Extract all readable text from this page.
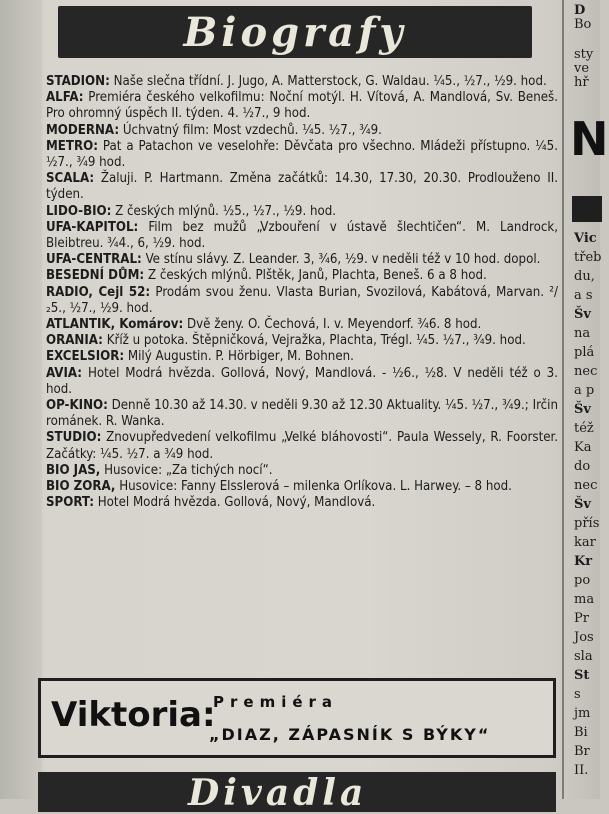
Biografy

STADION: Naše slečna třídní. J. Jugo, A. Matterstock, G. Waldau. ¼5., ½7., ½9. hod.

ALFA: Premiéra českého velkofilmu: Noční motýl. H. Vítová, A. Mandlová, Sv. Beneš. Pro ohromný úspěch II. týden. 4. ½7., 9 hod.

MODERNA: Úchvatný film: Most vzdechů. ¼5. ½7., ¾9.

METRO: Pat a Patachon ve veselohře: Děvčata pro všechno. Mládeži přístupno. ¼5. ½7., ¾9 hod.

SCALA: Žaluji. P. Hartmann. Změna začátků: 14.30, 17.30, 20.30. Prodlouženo II. týden.

LIDO-BIO: Z českých mlýnů. ½5., ½7., ½9. hod.

UFA-KAPITOL: Film bez mužů „Vzbouření v ústavě šlechtičen“. M. Landrock, Bleibtreu. ¾4., 6, ½9. hod.

UFA-CENTRAL: Ve stínu slávy. Z. Leander. 3, ¾6, ½9. v neděli též v 10 hod. dopol.

BESEDNÍ DŮM: Z českých mlýnů. Plštěk, Janů, Plachta, Beneš. 6 a 8 hod.

RADIO, Cejl 52: Prodám svou ženu. Vlasta Burian, Svozilová, Kabátová, Marvan. ²/₂5., ½7., ½9. hod.

ATLANTIK, Komárov: Dvě ženy. O. Čechová, I. v. Meyendorf. ¾6. 8 hod.

ORANIA: Kříž u potoka. Štěpničková, Vejražka, Plachta, Trégl. ¼5. ½7., ¾9. hod.

EXCELSIOR: Milý Augustin. P. Hörbiger, M. Bohnen.

AVIA: Hotel Modrá hvězda. Gollová, Nový, Mandlová. - ½6., ½8. V neděli též o 3. hod.

OP-KINO: Denně 10.30 až 14.30. v neděli 9.30 až 12.30 Aktuality. ¼5. ½7., ¾9.; Irčin románek. R. Wanka.

STUDIO: Znovupředvedení velkofilmu „Velké bláhovosti“. Paula Wessely, R. Foorster. Začátky: ¼5. ½7. a ¾9 hod.

BIO JAS, Husovice: „Za tichých nocí“.

BIO ZORA, Husovice: Fanny Elsslerová – milenka Orlíkova. L. Harwey. – 8 hod.

SPORT: Hotel Modrá hvězda. Gollová, Nový, Mandlová.

Viktoria:
Premiéra
„DIAZ, ZÁPASNÍK S BÝKY“
Divadla
D
Bo
sty
ve
hř
Vic
třeb
du,
a s
Šv
na
plá
nec
a p
Šv
též
Ka
do
nec
Šv
přís
kar
Kr
po
ma
Pr
Jos
sla
St
s
jm
Bi
Br
II.
N
